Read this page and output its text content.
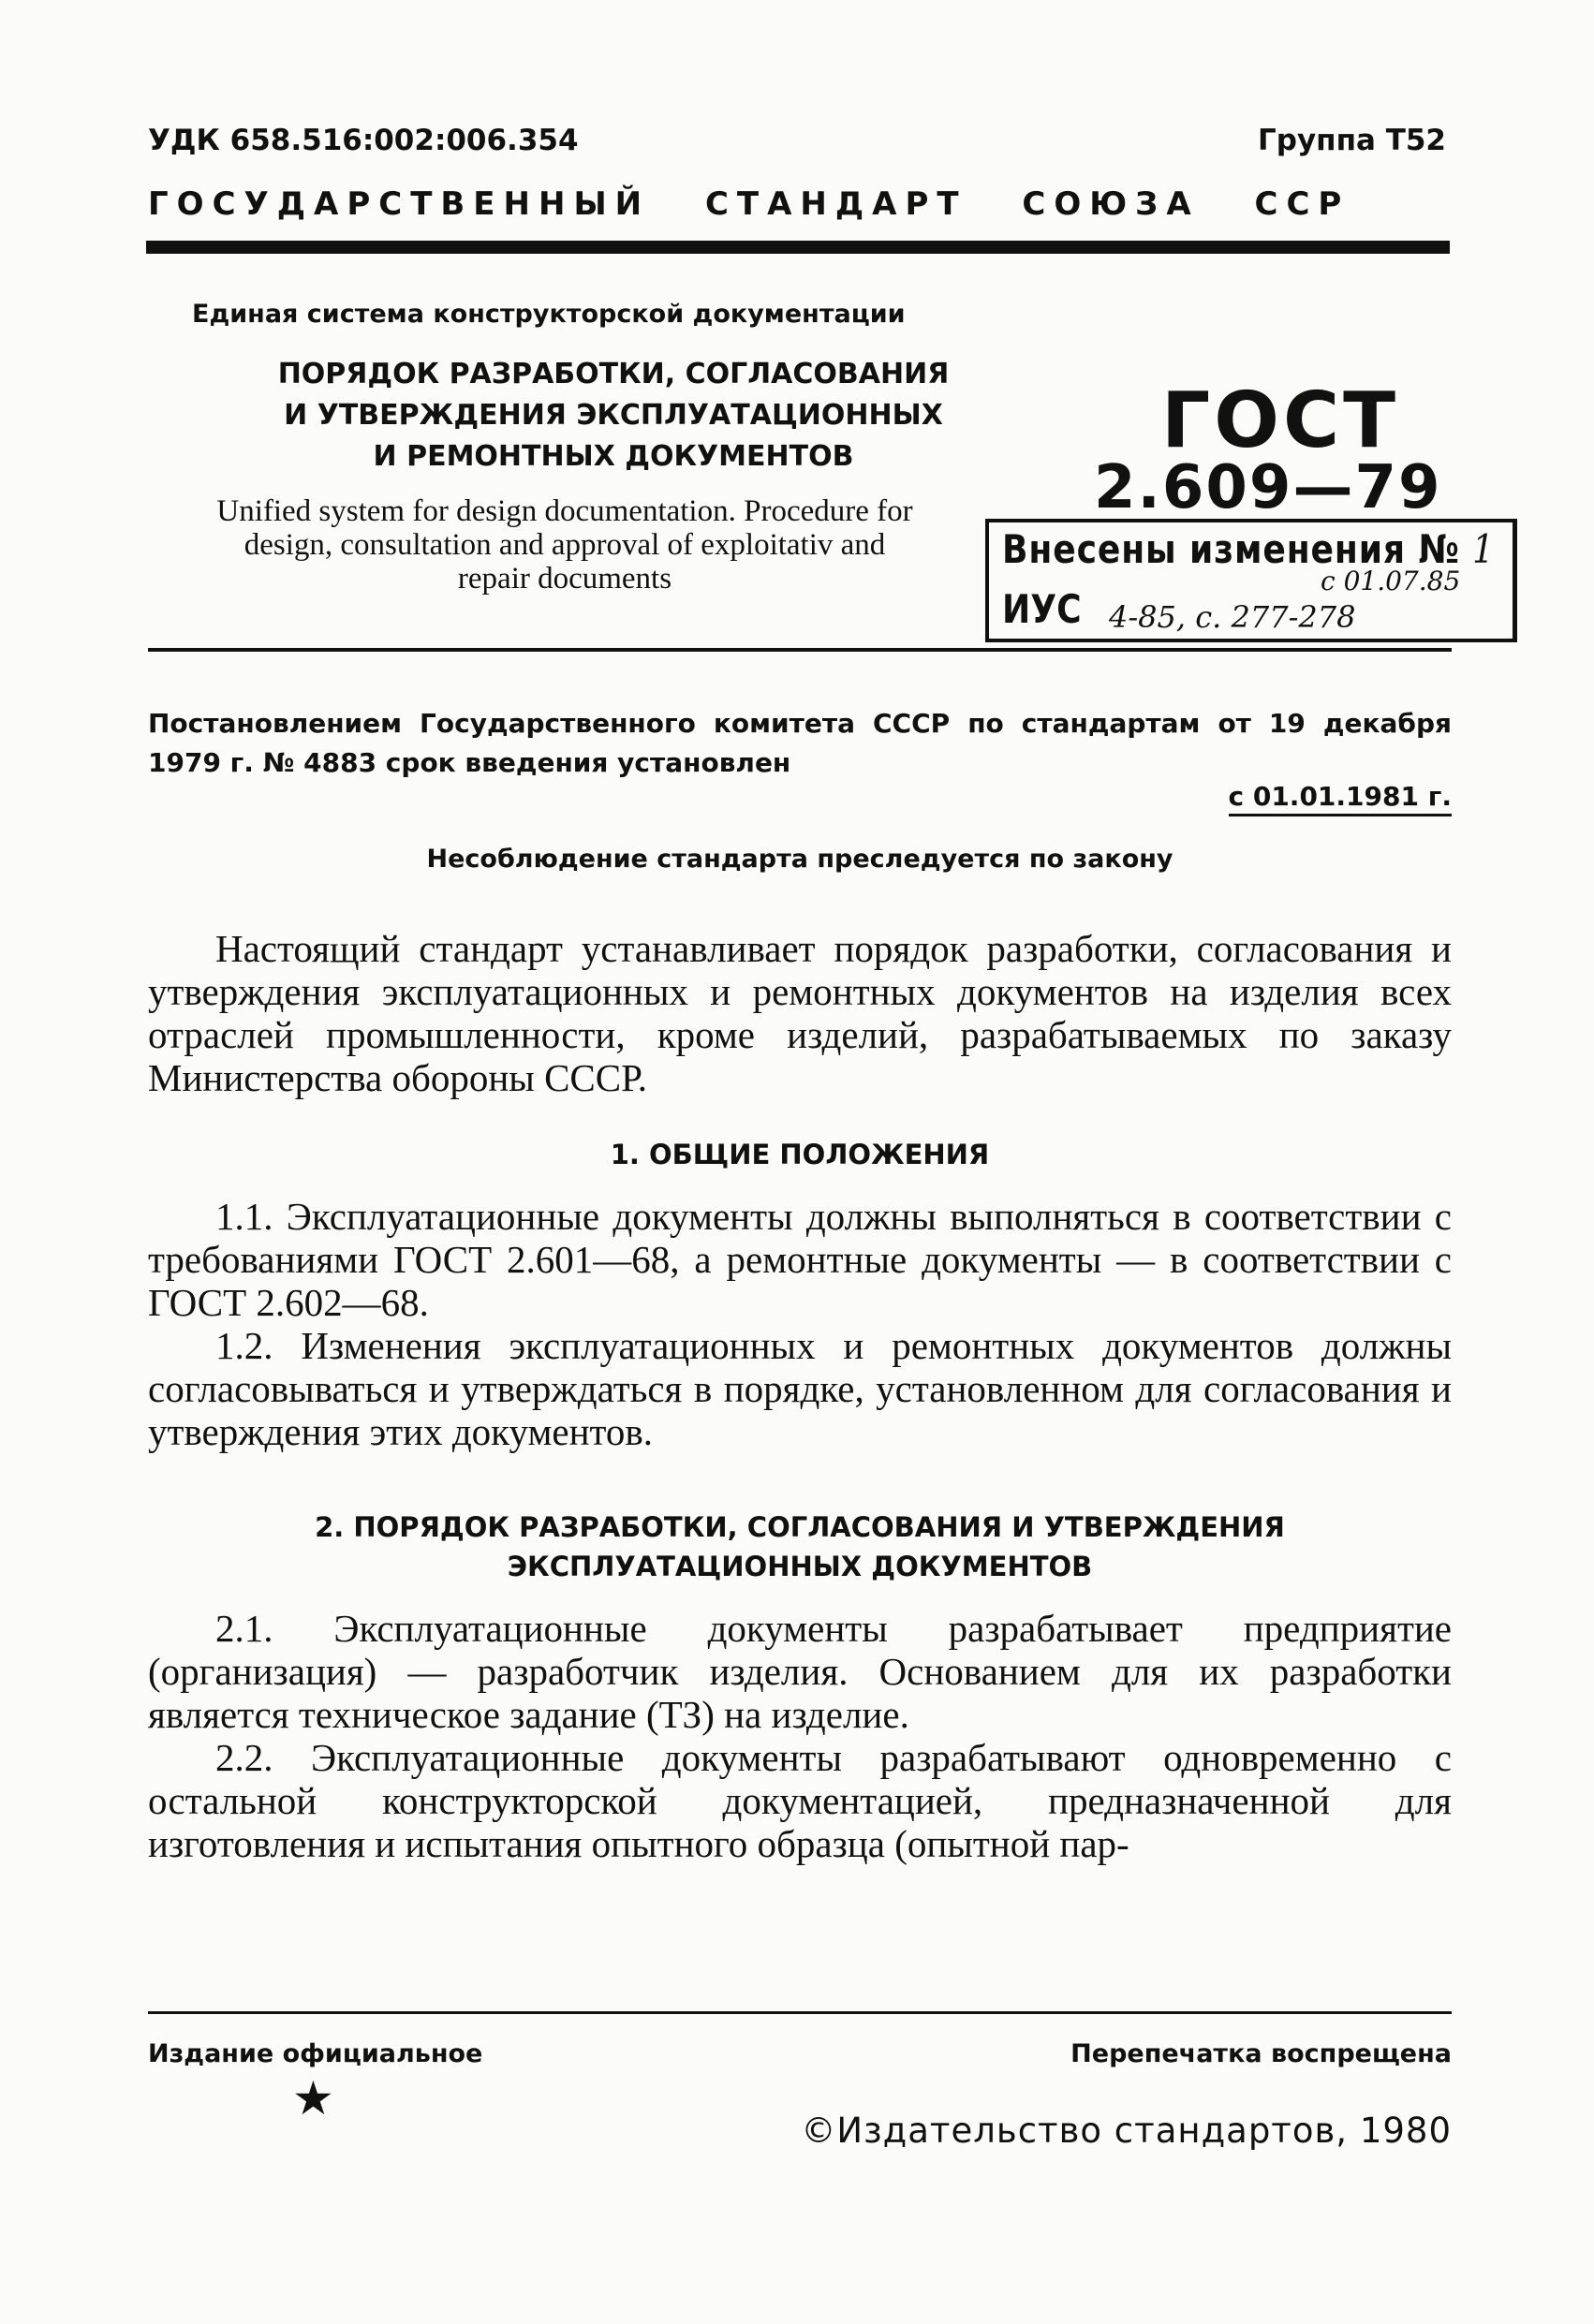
УДК 658.516:002:006.354	Группа Т52
ГОСУДАРСТВЕННЫЙ СТАНДАРТ СОЮЗА ССР
Единая система конструкторской документации
ПОРЯДОК РАЗРАБОТКИ, СОГЛАСОВАНИЯ
И УТВЕРЖДЕНИЯ ЭКСПЛУАТАЦИОННЫХ
И РЕМОНТНЫХ ДОКУМЕНТОВ	ГОСТ
2.609—79
Unified system for design documentation. Procedure for
design, consultation and approval of exploitativ and
repair documents
Внесены изменения № 1
с 01.07.85
ИУС 4-85, с. 277-278
Постановлением Государственного комитета СССР по стандартам от 19 декабря 1979 г. № 4883 срок введения установлен
с 01.01.1981 г.
Несоблюдение стандарта преследуется по закону

Настоящий стандарт устанавливает порядок разработки, согласования и утверждения эксплуатационных и ремонтных документов на изделия всех отраслей промышленности, кроме изделий, разрабатываемых по заказу Министерства обороны СССР.

1. ОБЩИЕ ПОЛОЖЕНИЯ

1.1. Эксплуатационные документы должны выполняться в соответствии с требованиями ГОСТ 2.601—68, а ремонтные документы — в соответствии с ГОСТ 2.602—68.

1.2. Изменения эксплуатационных и ремонтных документов должны согласовываться и утверждаться в порядке, установленном для согласования и утверждения этих документов.

2. ПОРЯДОК РАЗРАБОТКИ, СОГЛАСОВАНИЯ И УТВЕРЖДЕНИЯ
ЭКСПЛУАТАЦИОННЫХ ДОКУМЕНТОВ

2.1. Эксплуатационные документы разрабатывает предприятие (организация) — разработчик изделия. Основанием для их разработки является техническое задание (ТЗ) на изделие.

2.2. Эксплуатационные документы разрабатывают одновременно с остальной конструкторской документацией, предназначенной для изготовления и испытания опытного образца (опытной пар-

Издание официальное	Перепечатка воспрещена
★
©Издательство стандартов, 1980
